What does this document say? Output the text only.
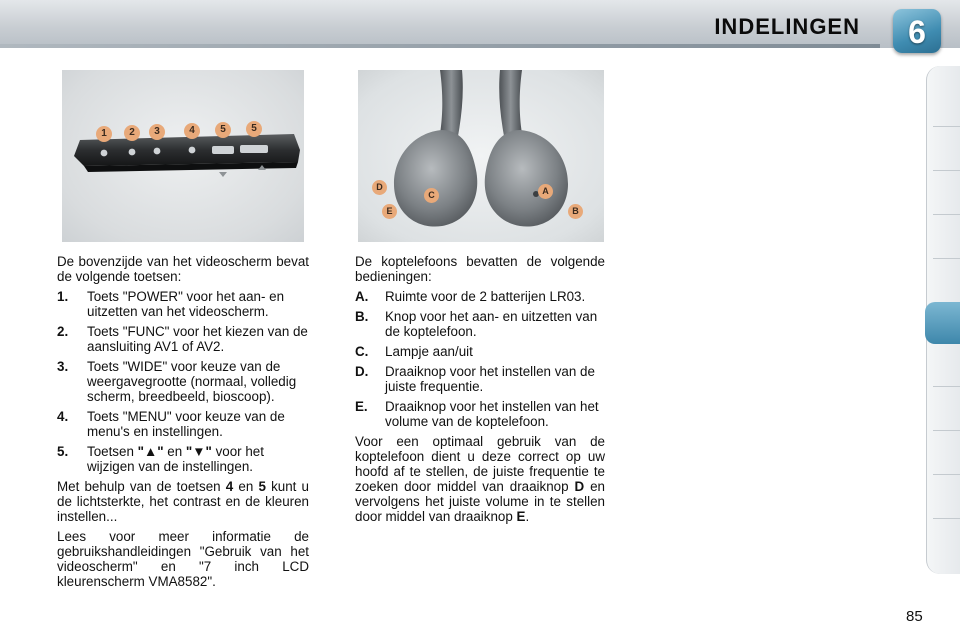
INDELINGEN	6
1	2	3	4	5	5
D
E
C	A
B

De bovenzijde van het videoscherm bevat de volgende toetsen:

1. Toets "POWER" voor het aan- en uitzetten van het videoscherm.
2. Toets "FUNC" voor het kiezen van de aansluiting AV1 of AV2.
3. Toets "WIDE" voor keuze van de weergavegrootte (normaal, volledig scherm, breedbeeld, bioscoop).
4. Toets "MENU" voor keuze van de menu's en instellingen.
5. Toetsen "▲" en "▼" voor het wijzigen van de instellingen.

Met behulp van de toetsen 4 en 5 kunt u de lichtsterkte, het contrast en de kleuren instellen...

Lees voor meer informatie de gebruikshandleidingen "Gebruik van het videoscherm" en "7 inch LCD kleurenscherm VMA8582".

De koptelefoons bevatten de volgende bedieningen:

A. Ruimte voor de 2 batterijen LR03.
B. Knop voor het aan- en uitzetten van de koptelefoon.
C. Lampje aan/uit
D. Draaiknop voor het instellen van de juiste frequentie.
E. Draaiknop voor het instellen van het volume van de koptelefoon.

Voor een optimaal gebruik van de koptelefoon dient u deze correct op uw hoofd af te stellen, de juiste frequentie te zoeken door middel van draaiknop D en vervolgens het juiste volume in te stellen door middel van draaiknop E.

85
